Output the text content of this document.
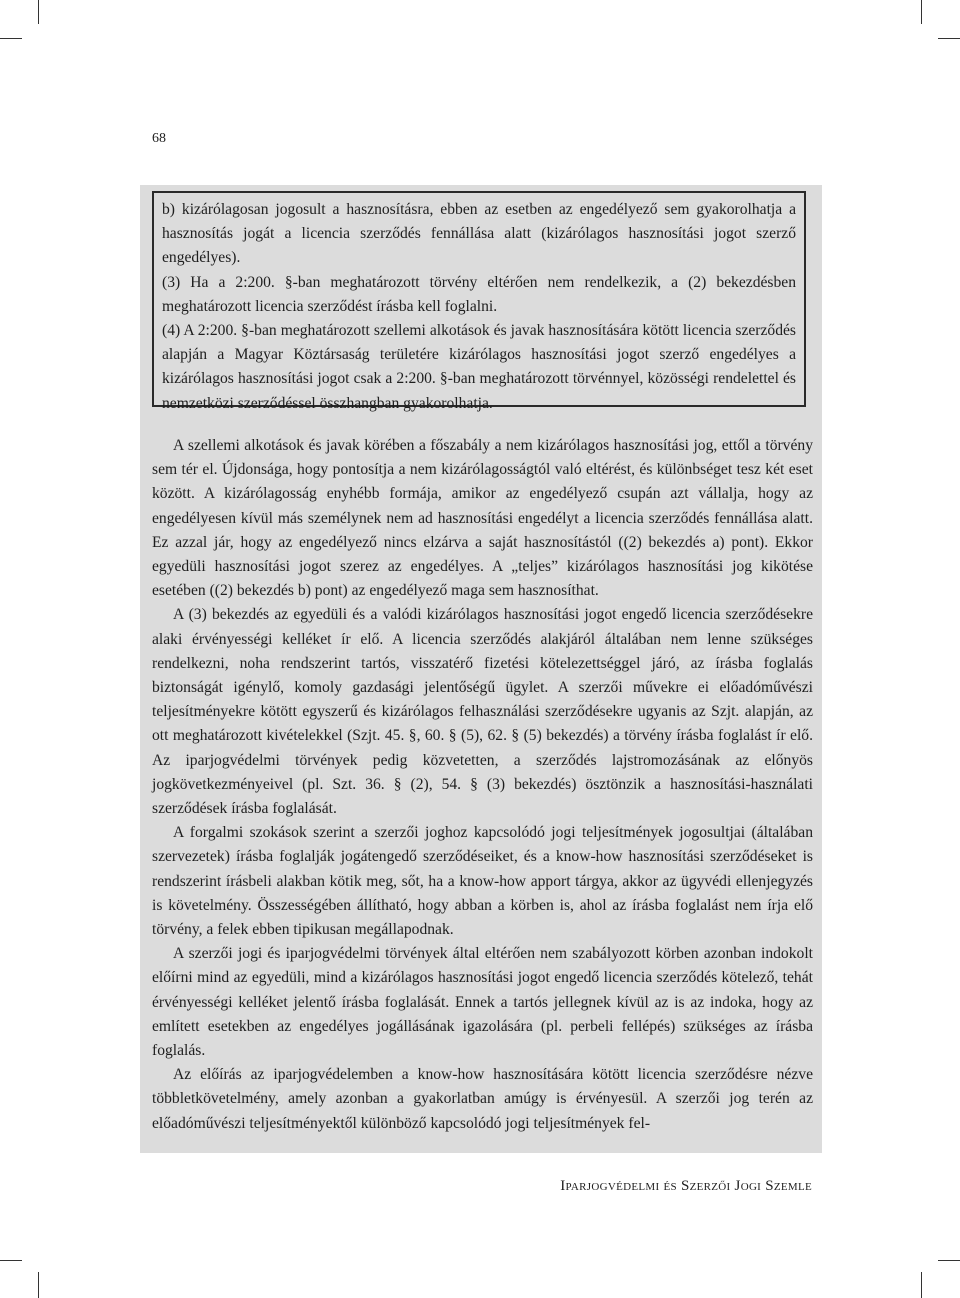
68

b) kizárólagosan jogosult a hasznosításra, ebben az esetben az engedélyező sem gyakorolhatja a hasznosítás jogát a licencia szerződés fennállása alatt (kizárólagos hasznosítási jogot szerző engedélyes).

(3) Ha a 2:200. §-ban meghatározott törvény eltérően nem rendelkezik, a (2) bekezdésben meghatározott licencia szerződést írásba kell foglalni.

(4) A 2:200. §-ban meghatározott szellemi alkotások és javak hasznosítására kötött licencia szerződés alapján a Magyar Köztársaság területére kizárólagos hasznosítási jogot szerző engedélyes a kizárólagos hasznosítási jogot csak a 2:200. §-ban meghatározott törvénnyel, közösségi rendelettel és nemzetközi szerződéssel összhangban gyakorolhatja.

A szellemi alkotások és javak körében a főszabály a nem kizárólagos hasznosítási jog, ettől a törvény sem tér el. Újdonsága, hogy pontosítja a nem kizárólagosságtól való eltérést, és különbséget tesz két eset között. A kizárólagosság enyhébb formája, amikor az engedélyező csupán azt vállalja, hogy az engedélyesen kívül más személynek nem ad hasznosítási engedélyt a licencia szerződés fennállása alatt. Ez azzal jár, hogy az engedélyező nincs elzárva a saját hasznosítástól ((2) bekezdés a) pont). Ekkor egyedüli hasznosítási jogot szerez az engedélyes. A „teljes” kizárólagos hasznosítási jog kikötése esetében ((2) bekezdés b) pont) az engedélyező maga sem hasznosíthat.

A (3) bekezdés az egyedüli és a valódi kizárólagos hasznosítási jogot engedő licencia szerződésekre alaki érvényességi kelléket ír elő. A licencia szerződés alakjáról általában nem lenne szükséges rendelkezni, noha rendszerint tartós, visszatérő fizetési kötelezettséggel járó, az írásba foglalás biztonságát igénylő, komoly gazdasági jelentőségű ügylet. A szerzői művekre ei előadóművészi teljesítményekre kötött egyszerű és kizárólagos felhasználási szerződésekre ugyanis az Szjt. alapján, az ott meghatározott kivételekkel (Szjt. 45. §, 60. § (5), 62. § (5) bekezdés) a törvény írásba foglalást ír elő. Az iparjogvédelmi törvények pedig közvetetten, a szerződés lajstromozásának az előnyös jogkövetkezményeivel (pl. Szt. 36. § (2), 54. § (3) bekezdés) ösztönzik a hasznosítási-használati szerződések írásba foglalását.

A forgalmi szokások szerint a szerzői joghoz kapcsolódó jogi teljesítmények jogosultjai (általában szervezetek) írásba foglalják jogátengedő szerződéseiket, és a know-how hasznosítási szerződéseket is rendszerint írásbeli alakban kötik meg, sőt, ha a know-how apport tárgya, akkor az ügyvédi ellenjegyzés is követelmény. Összességében állítható, hogy abban a körben is, ahol az írásba foglalást nem írja elő törvény, a felek ebben tipikusan megállapodnak.

A szerzői jogi és iparjogvédelmi törvények által eltérően nem szabályozott körben azonban indokolt előírni mind az egyedüli, mind a kizárólagos hasznosítási jogot engedő licencia szerződés kötelező, tehát érvényességi kelléket jelentő írásba foglalását. Ennek a tartós jellegnek kívül az is az indoka, hogy az említett esetekben az engedélyes jogállásának igazolására (pl. perbeli fellépés) szükséges az írásba foglalás.

Az előírás az iparjogvédelemben a know-how hasznosítására kötött licencia szerződésre nézve többletkövetelmény, amely azonban a gyakorlatban amúgy is érvényesül. A szerzői jog terén az előadóművészi teljesítményektől különböző kapcsolódó jogi teljesítmények fel-

Iparjogvédelmi és Szerzői Jogi Szemle
